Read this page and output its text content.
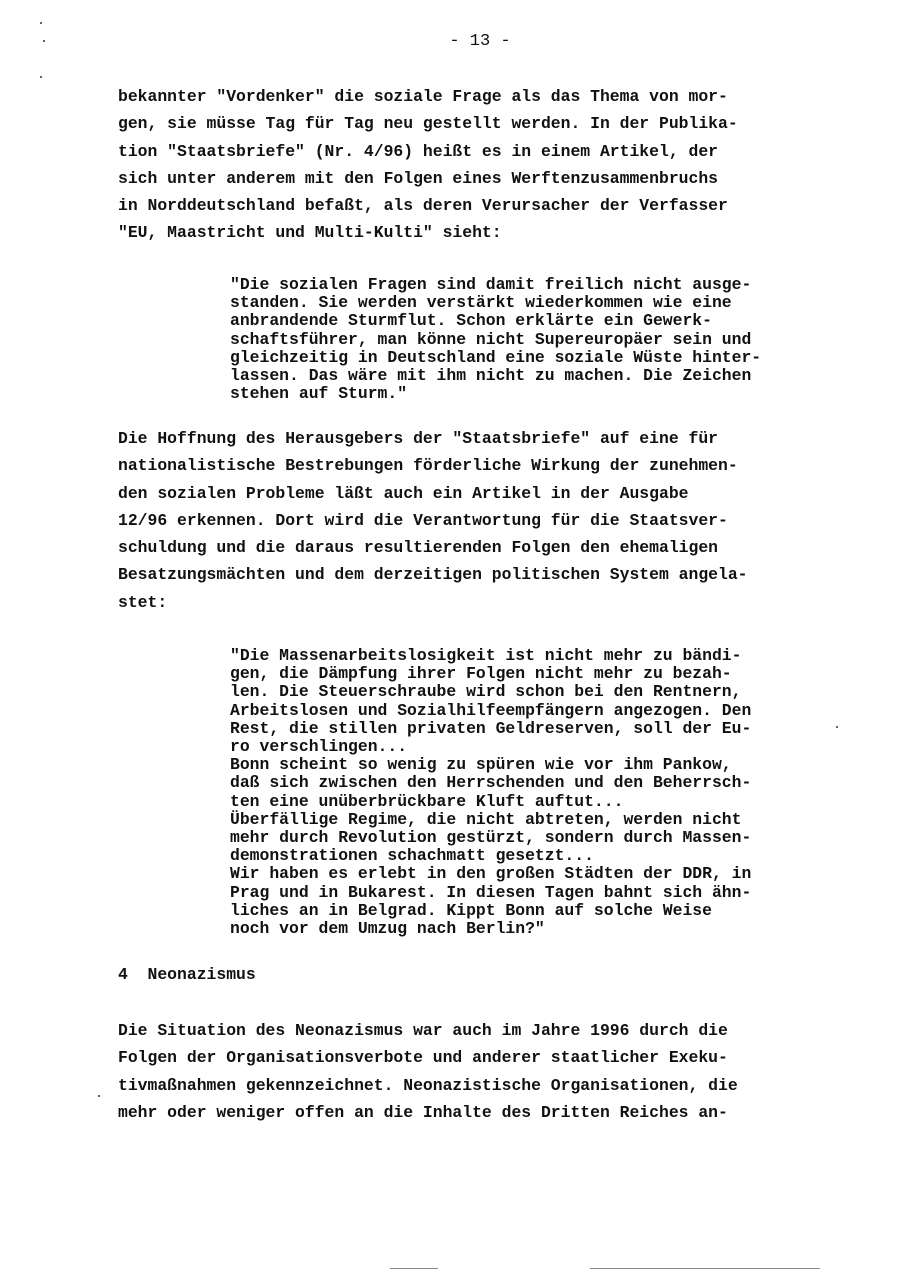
- 13 -

bekannter "Vordenker" die soziale Frage als das Thema von mor-
gen, sie müsse Tag für Tag neu gestellt werden. In der Publika-
tion "Staatsbriefe" (Nr. 4/96) heißt es in einem Artikel, der
sich unter anderem mit den Folgen eines Werftenzusammenbruchs
in Norddeutschland befaßt, als deren Verursacher der Verfasser
"EU, Maastricht und Multi-Kulti" sieht:

"Die sozialen Fragen sind damit freilich nicht ausge-
standen. Sie werden verstärkt wiederkommen wie eine
anbrandende Sturmflut. Schon erklärte ein Gewerk-
schaftsführer, man könne nicht Supereuropäer sein und
gleichzeitig in Deutschland eine soziale Wüste hinter-
lassen. Das wäre mit ihm nicht zu machen. Die Zeichen
stehen auf Sturm."

Die Hoffnung des Herausgebers der "Staatsbriefe" auf eine für
nationalistische Bestrebungen förderliche Wirkung der zunehmen-
den sozialen Probleme läßt auch ein Artikel in der Ausgabe
12/96 erkennen. Dort wird die Verantwortung für die Staatsver-
schuldung und die daraus resultierenden Folgen den ehemaligen
Besatzungsmächten und dem derzeitigen politischen System angela-
stet:

"Die Massenarbeitslosigkeit ist nicht mehr zu bändi-
gen, die Dämpfung ihrer Folgen nicht mehr zu bezah-
len. Die Steuerschraube wird schon bei den Rentnern,
Arbeitslosen und Sozialhilfeempfängern angezogen. Den
Rest, die stillen privaten Geldreserven, soll der Eu-
ro verschlingen...
Bonn scheint so wenig zu spüren wie vor ihm Pankow,
daß sich zwischen den Herrschenden und den Beherrsch-
ten eine unüberbrückbare Kluft auftut...
Überfällige Regime, die nicht abtreten, werden nicht
mehr durch Revolution gestürzt, sondern durch Massen-
demonstrationen schachmatt gesetzt...
Wir haben es erlebt in den großen Städten der DDR, in
Prag und in Bukarest. In diesen Tagen bahnt sich ähn-
liches an in Belgrad. Kippt Bonn auf solche Weise
noch vor dem Umzug nach Berlin?"

4  Neonazismus

Die Situation des Neonazismus war auch im Jahre 1996 durch die
Folgen der Organisationsverbote und anderer staatlicher Exeku-
tivmaßnahmen gekennzeichnet. Neonazistische Organisationen, die
mehr oder weniger offen an die Inhalte des Dritten Reiches an-
